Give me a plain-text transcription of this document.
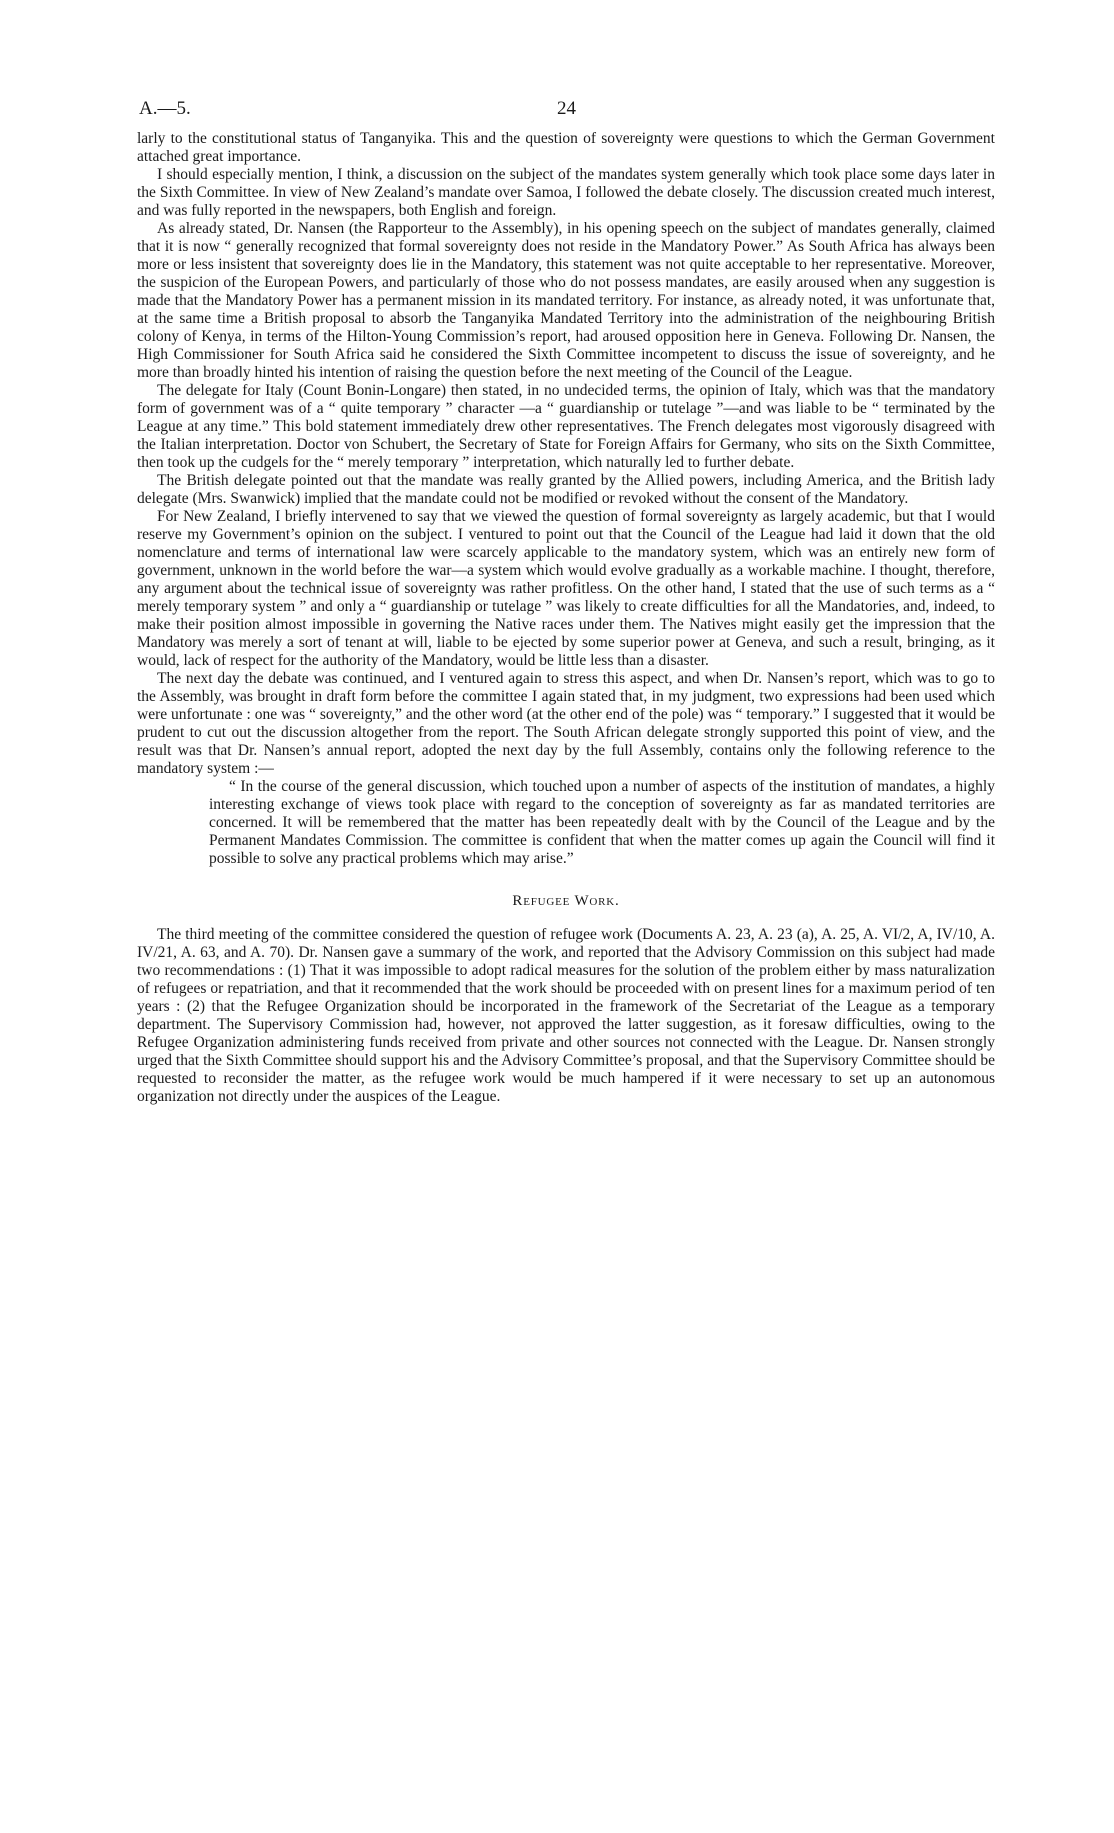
A.—5.	24

larly to the constitutional status of Tanganyika. This and the question of sovereignty were questions to which the German Government attached great importance.

I should especially mention, I think, a discussion on the subject of the mandates system generally which took place some days later in the Sixth Committee. In view of New Zealand’s mandate over Samoa, I followed the debate closely. The discussion created much interest, and was fully reported in the newspapers, both English and foreign.

As already stated, Dr. Nansen (the Rapporteur to the Assembly), in his opening speech on the subject of mandates generally, claimed that it is now “ generally recognized that formal sovereignty does not reside in the Mandatory Power.” As South Africa has always been more or less insistent that sovereignty does lie in the Mandatory, this statement was not quite acceptable to her representative. Moreover, the suspicion of the European Powers, and particularly of those who do not possess mandates, are easily aroused when any suggestion is made that the Mandatory Power has a permanent mission in its mandated territory. For instance, as already noted, it was unfortunate that, at the same time a British proposal to absorb the Tanganyika Mandated Territory into the administration of the neighbouring British colony of Kenya, in terms of the Hilton-Young Commission’s report, had aroused opposition here in Geneva. Following Dr. Nansen, the High Commissioner for South Africa said he considered the Sixth Committee incompetent to discuss the issue of sovereignty, and he more than broadly hinted his intention of raising the question before the next meeting of the Council of the League.

The delegate for Italy (Count Bonin-Longare) then stated, in no undecided terms, the opinion of Italy, which was that the mandatory form of government was of a “ quite temporary ” character —a “ guardianship or tutelage ”—and was liable to be “ terminated by the League at any time.” This bold statement immediately drew other representatives. The French delegates most vigorously disagreed with the Italian interpretation. Doctor von Schubert, the Secretary of State for Foreign Affairs for Germany, who sits on the Sixth Committee, then took up the cudgels for the “ merely temporary ” interpretation, which naturally led to further debate.

The British delegate pointed out that the mandate was really granted by the Allied powers, including America, and the British lady delegate (Mrs. Swanwick) implied that the mandate could not be modified or revoked without the consent of the Mandatory.

For New Zealand, I briefly intervened to say that we viewed the question of formal sovereignty as largely academic, but that I would reserve my Government’s opinion on the subject. I ventured to point out that the Council of the League had laid it down that the old nomenclature and terms of international law were scarcely applicable to the mandatory system, which was an entirely new form of government, unknown in the world before the war—a system which would evolve gradually as a workable machine. I thought, therefore, any argument about the technical issue of sovereignty was rather profitless. On the other hand, I stated that the use of such terms as a “ merely temporary system ” and only a “ guardianship or tutelage ” was likely to create difficulties for all the Mandatories, and, indeed, to make their position almost impossible in governing the Native races under them. The Natives might easily get the impression that the Mandatory was merely a sort of tenant at will, liable to be ejected by some superior power at Geneva, and such a result, bringing, as it would, lack of respect for the authority of the Mandatory, would be little less than a disaster.

The next day the debate was continued, and I ventured again to stress this aspect, and when Dr. Nansen’s report, which was to go to the Assembly, was brought in draft form before the committee I again stated that, in my judgment, two expressions had been used which were unfortunate : one was “ sovereignty,” and the other word (at the other end of the pole) was “ temporary.” I suggested that it would be prudent to cut out the discussion altogether from the report. The South African delegate strongly supported this point of view, and the result was that Dr. Nansen’s annual report, adopted the next day by the full Assembly, contains only the following reference to the mandatory system :—

“ In the course of the general discussion, which touched upon a number of aspects of the institution of mandates, a highly interesting exchange of views took place with regard to the conception of sovereignty as far as mandated territories are concerned. It will be remembered that the matter has been repeatedly dealt with by the Council of the League and by the Permanent Mandates Commission. The committee is confident that when the matter comes up again the Council will find it possible to solve any practical problems which may arise.”

Refugee Work.

The third meeting of the committee considered the question of refugee work (Documents A. 23, A. 23 (a), A. 25, A. VI/2, A, IV/10, A. IV/21, A. 63, and A. 70). Dr. Nansen gave a summary of the work, and reported that the Advisory Commission on this subject had made two recommendations : (1) That it was impossible to adopt radical measures for the solution of the problem either by mass naturalization of refugees or repatriation, and that it recommended that the work should be proceeded with on present lines for a maximum period of ten years : (2) that the Refugee Organization should be incorporated in the framework of the Secretariat of the League as a temporary department. The Supervisory Commission had, however, not approved the latter suggestion, as it foresaw difficulties, owing to the Refugee Organization administering funds received from private and other sources not connected with the League. Dr. Nansen strongly urged that the Sixth Committee should support his and the Advisory Committee’s proposal, and that the Supervisory Committee should be requested to reconsider the matter, as the refugee work would be much hampered if it were necessary to set up an autonomous organization not directly under the auspices of the League.
